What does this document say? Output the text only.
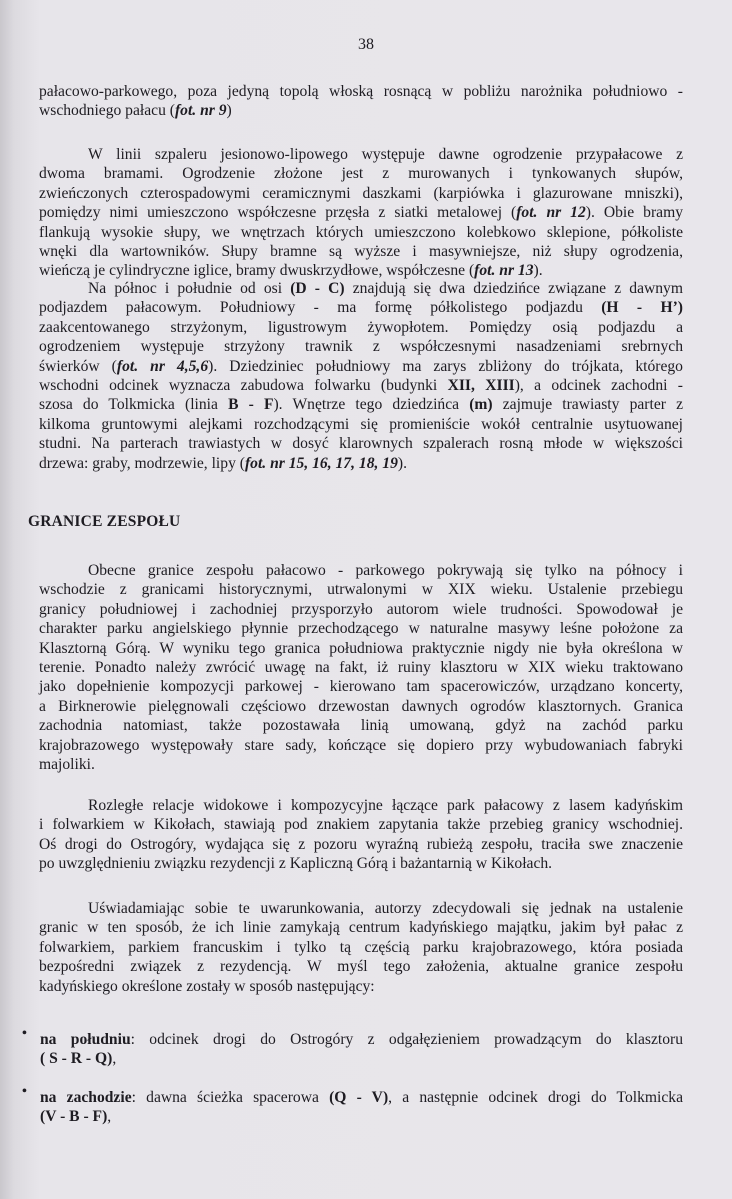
38
GRANICE ZESPOŁU
pałacowo-parkowego, poza jedyną topolą włoską rosnącą w pobliżu narożnika południowo -
wschodniego pałacu (fot. nr 9)
W linii szpaleru jesionowo-lipowego występuje dawne ogrodzenie przypałacowe z
dwoma bramami. Ogrodzenie złożone jest z murowanych i tynkowanych słupów,
zwieńczonych czterospadowymi ceramicznymi daszkami (karpiówka i glazurowane mniszki),
pomiędzy nimi umieszczono współczesne przęsła z siatki metalowej (fot. nr 12). Obie bramy
flankują wysokie słupy, we wnętrzach których umieszczono kolebkowo sklepione, półkoliste
wnęki dla wartowników. Słupy bramne są wyższe i masywniejsze, niż słupy ogrodzenia,
wieńczą je cylindryczne iglice, bramy dwuskrzydłowe, współczesne (fot. nr 13).
Na północ i południe od osi (D - C) znajdują się dwa dziedzińce związane z dawnym
podjazdem pałacowym. Południowy - ma formę półkolistego podjazdu (H - H’)
zaakcentowanego strzyżonym, ligustrowym żywopłotem. Pomiędzy osią podjazdu a
ogrodzeniem występuje strzyżony trawnik z współczesnymi nasadzeniami srebrnych
świerków (fot. nr 4,5,6). Dziedziniec południowy ma zarys zbliżony do trójkata, którego
wschodni odcinek wyznacza zabudowa folwarku (budynki XII, XIII), a odcinek zachodni -
szosa do Tolkmicka (linia B - F). Wnętrze tego dziedzińca (m) zajmuje trawiasty parter z
kilkoma gruntowymi alejkami rozchodzącymi się promieniście wokół centralnie usytuowanej
studni. Na parterach trawiastych w dosyć klarownych szpalerach rosną młode w większości
drzewa: graby, modrzewie, lipy (fot. nr 15, 16, 17, 18, 19).
Obecne granice zespołu pałacowo - parkowego pokrywają się tylko na północy i
wschodzie z granicami historycznymi, utrwalonymi w XIX wieku. Ustalenie przebiegu
granicy południowej i zachodniej przysporzyło autorom wiele trudności. Spowodował je
charakter parku angielskiego płynnie przechodzącego w naturalne masywy leśne położone za
Klasztorną Górą. W wyniku tego granica południowa praktycznie nigdy nie była określona w
terenie. Ponadto należy zwrócić uwagę na fakt, iż ruiny klasztoru w XIX wieku traktowano
jako dopełnienie kompozycji parkowej - kierowano tam spacerowiczów, urządzano koncerty,
a Birknerowie pielęgnowali częściowo drzewostan dawnych ogrodów klasztornych. Granica
zachodnia natomiast, także pozostawała linią umowaną, gdyż na zachód parku
krajobrazowego występowały stare sady, kończące się dopiero przy wybudowaniach fabryki
majoliki.
Rozległe relacje widokowe i kompozycyjne łączące park pałacowy z lasem kadyńskim
i folwarkiem w Kikołach, stawiają pod znakiem zapytania także przebieg granicy wschodniej.
Oś drogi do Ostrogóry, wydająca się z pozoru wyraźną rubieżą zespołu, traciła swe znaczenie
po uwzględnieniu związku rezydencji z Kapliczną Górą i bażantarnią w Kikołach.
Uświadamiając sobie te uwarunkowania, autorzy zdecydowali się jednak na ustalenie
granic w ten sposób, że ich linie zamykają centrum kadyńskiego majątku, jakim był pałac z
folwarkiem, parkiem francuskim i tylko tą częścią parku krajobrazowego, która posiada
bezpośredni związek z rezydencją. W myśl tego założenia, aktualne granice zespołu
kadyńskiego określone zostały w sposób następujący:
na południu: odcinek drogi do Ostrogóry z odgałęzieniem prowadzącym do klasztoru
( S - R - Q),
•
na zachodzie: dawna ścieżka spacerowa (Q - V), a następnie odcinek drogi do Tolkmicka
(V - B - F),
•
